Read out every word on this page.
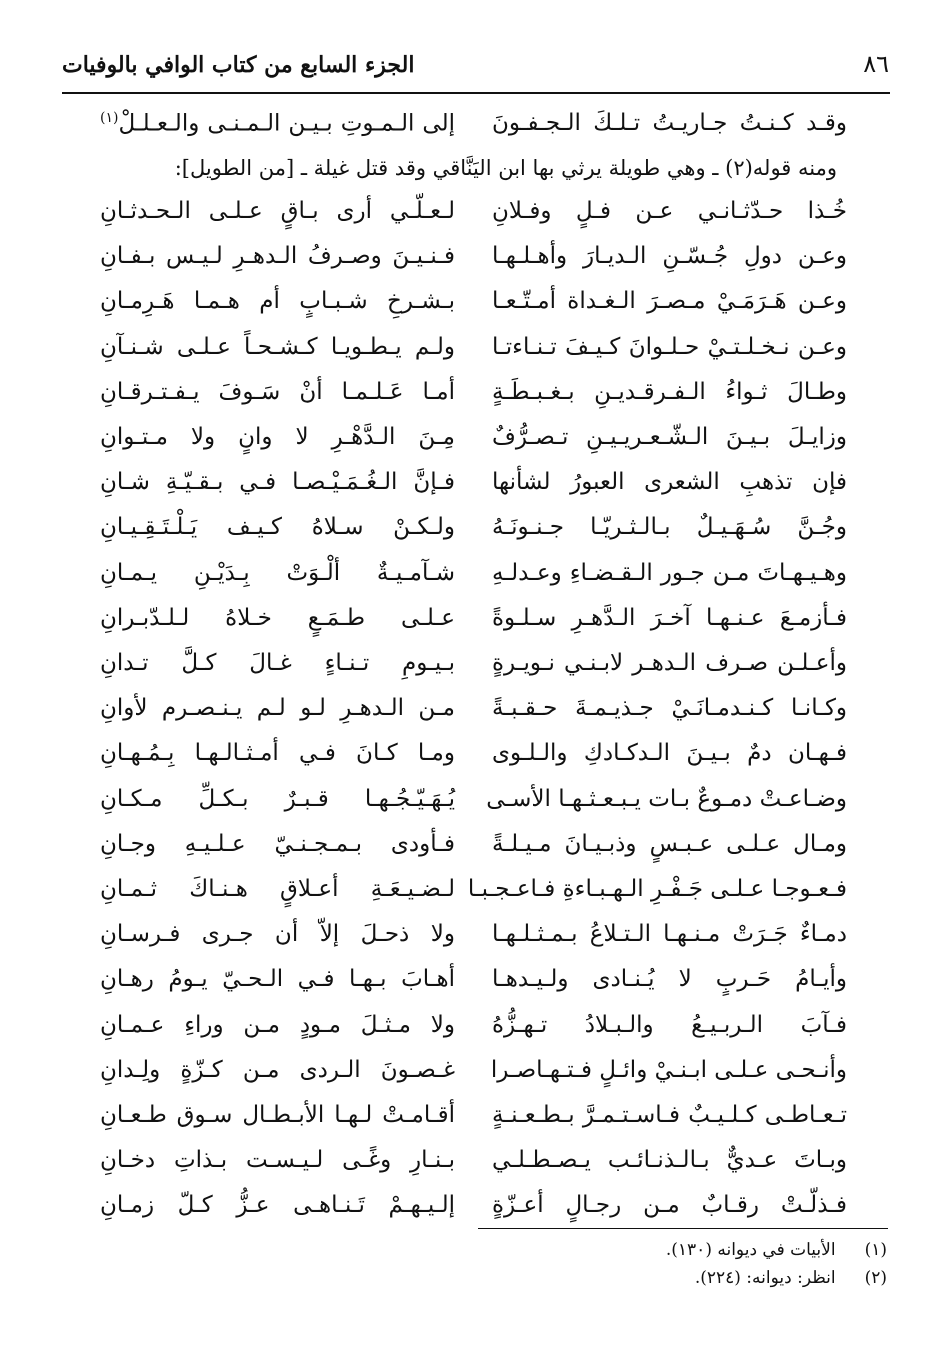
٨٦
الجزء السابع من كتاب الوافي بالوفيات
وقـد كـنـتُ جـاريـتُ تـلـكَ الـجـفـونَ
إلى الـمـوتِ بـيـن الـمـنـى والـعـلـلْ$^{(١)}$
ومنه قوله(٢) ـ وهي طويلة يرثي بها ابن اليَنَّاقي وقد قتل غيلة ـ [من الطويل]:
خُـذا حـدّثـانـي عـن فـلٍ وفـلانِ
لـعـلّـي أرى بـاقٍ عـلـى الـحـدثـانِ
وعـن دولِ جُـسّـنِ الـديـارَ وأهـلـهـا
فـنـيـنَ وصـرفُ الـدهـرِ لـيـس بـفـانِ
وعـن هَـرَمَـيْ مـصـرَ الـغـداة أمـتّـعـا
بـشـرخِ شـبـابٍ أم هـمـا هَـرِمـانِ
وعـن نـخـلـتـيْ حـلـوانَ كـيـفَ تـنـاءتـا
ولـم يـطـويـا كـشـحـاً عـلـى شـنـآنِ
وطـالَ ثـواءُ الـفـرقـديـنِ بـغـبـطَـةٍ
أمـا عَـلـمـا أنْ سَـوفَ يـفـتـرقـانِ
وزايـلَ بـيـنَ الـشّـعـريـيـنِ تـصـرُّفٌ
مِـنَ الـدَّهْـرِ لا وانٍ ولا مـتـوانِ
فإن تذهبِ الشعرى العبورُ لشأنها
فـإنَّ الـغُـمَـيْـصـا فـي بـقـيّـةِ شـانِ
وجُـنَّ سُـهَـيـلٌ بـالـثـريّـا جـنـونَـهُ
ولـكـنْ سـلاهُ كـيـف يَـلْـتَـقِـيـانِ
وهـيـهـاتَ مـن جـور الـقـضـاءِ وعـدلـهِ
شـآمـيـةٌ ألْـوَتْ بِـدَيْـنِ يـمـانِ
فـأزمـعَ عـنـهـا آخـرَ الـدَّهـرِ سـلـوةً
عـلـى طـمَـعٍ خـلاهُ لـلـدّبـرانِ
وأعـلـن صـرف الـدهـر لابـنـي نـويـرةٍ
بـيـومِ تـنـاءٍ غـالَ كـلَّ تـدانِ
وكـانـا كـنـدمـانَـيْ جـذيـمـةَ حـقـبـةً
مـن الـدهـرِ لـو لـم يـنـصـرم لأوانِ
فـهـان دمٌ بـيـنَ الـدكـادكِ والـلـوى
ومـا كـانَ فـي أمـثـالـهـا بِـمُـهـانِ
وضـاعـتْ دمـوعٌ بـات يـبـعـثـهـا الأسـى
يُـهَـيّـجُـهـا قـبـرٌ بـكـلِّ مـكـانِ
ومـال عـلـى عـبـسٍ وذبـيـانَ مـيـلـةً
فـأودى بـمـجـنـيّ عـلـيـهِ وجـانِ
فـعـوجـا عـلـى جَـفْـرِ الـهـبـاءةِ فـاعـجـبـا
لـضـيـعَـةِ أعـلاقٍ هـنـاكَ ثـمـانِ
دمـاءٌ جَـرَتْ مـنـهـا الـتـلاعُ بـمـثـلـهـا
ولا ذحـلَ إلاّ أن جـرى فـرسـانِ
وأيـامُ حَـربٍ لا يُـنـادى ولـيـدهـا
أهـابَ بـهـا فـي الـحـيّ يـومُ رهـانِ
فـآبَ الـربـيـعُ والـبـلادُ تـهـزُّهُ
ولا مـثـلَ مـودٍ مـن وراءِ عـمـانِ
وأنـحـى عـلـى ابـنـيْ وائـلٍ فـتـهـاصـرا
غـصـونَ الـردى مـن كـزّةٍ ولِـدانِ
تـعـاطـى كـلـيـبٌ فـاسـتـمـرَّ بـطـعـنـةٍ
أقـامـتْ لـهـا الأبـطـال سـوق طـعـانِ
وبـاتَ عـديٌّ بـالـذنـائـب يـصـطـلـي
بـنـارِ وغًـى لـيـسـت بـذاتِ دخـانِ
فـذلّـتْ رقـابٌ مـن رجـالٍ أعـزّةٍ
إلـيـهـمْ تَـنـاهـى عـزُّ كـلّ زمـانِ
(١) الأبيات في ديوانه (١٣٠).
(٢) انظر: ديوانه: (٢٢٤).
